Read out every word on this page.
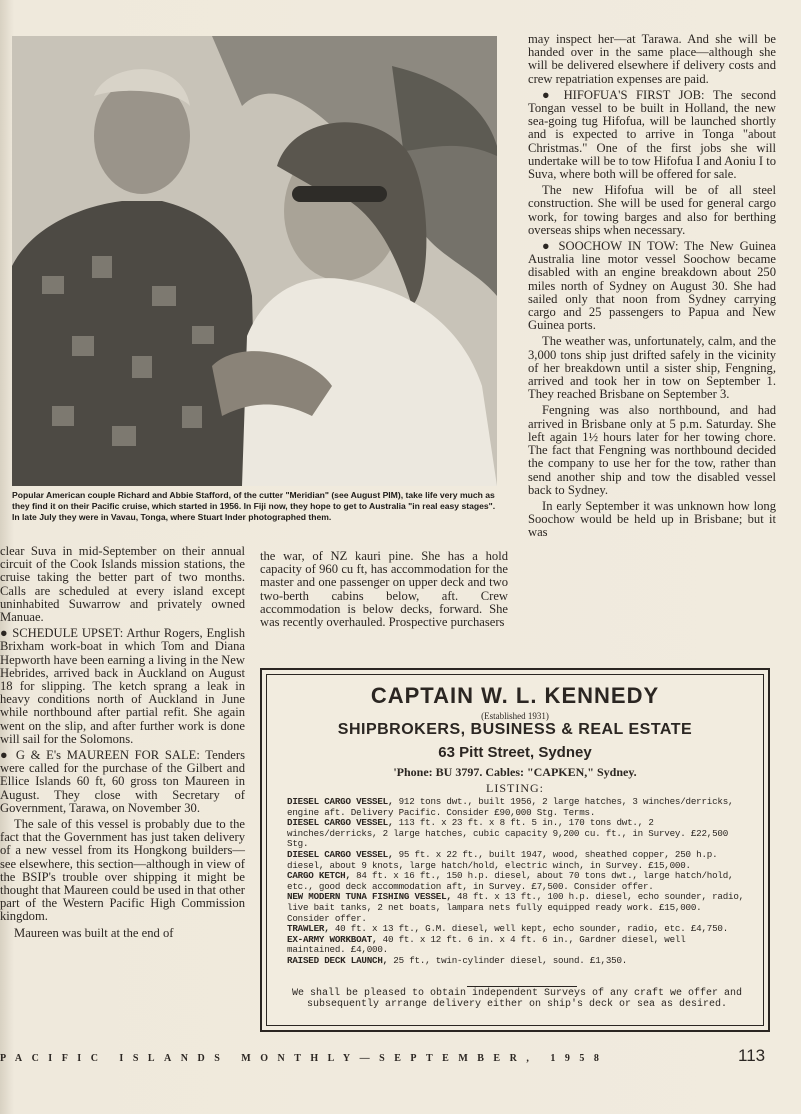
Popular American couple Richard and Abbie Stafford, of the cutter "Meridian" (see August PIM), take life very much as they find it on their Pacific cruise, which started in 1956. In Fiji now, they hope to get to Australia "in real easy stages". In late July they were in Vavau, Tonga, where Stuart Inder photographed them.

clear Suva in mid-September on their annual circuit of the Cook Islands mission stations, the cruise taking the better part of two months. Calls are scheduled at every island except uninhabited Suwarrow and privately owned Manuae.

● SCHEDULE UPSET: Arthur Rogers, English Brixham work-boat in which Tom and Diana Hepworth have been earning a living in the New Hebrides, arrived back in Auckland on August 18 for slipping. The ketch sprang a leak in heavy conditions north of Auckland in June while northbound after partial refit. She again went on the slip, and after further work is done will sail for the Solomons.

● G & E's MAUREEN FOR SALE: Tenders were called for the purchase of the Gilbert and Ellice Islands 60 ft, 60 gross ton Maureen in August. They close with Secretary of Government, Tarawa, on November 30.

The sale of this vessel is probably due to the fact that the Government has just taken delivery of a new vessel from its Hongkong builders—see elsewhere, this section—although in view of the BSIP's trouble over shipping it might be thought that Maureen could be used in that other part of the Western Pacific High Commission kingdom.

Maureen was built at the end of

the war, of NZ kauri pine. She has a hold capacity of 960 cu ft, has accommodation for the master and one passenger on upper deck and two two-berth cabins below, aft. Crew accommodation is below decks, forward. She was recently overhauled. Prospective purchasers

may inspect her—at Tarawa. And she will be handed over in the same place—although she will be delivered elsewhere if delivery costs and crew repatriation expenses are paid.

● HIFOFUA'S FIRST JOB: The second Tongan vessel to be built in Holland, the new sea-going tug Hifofua, will be launched shortly and is expected to arrive in Tonga "about Christmas." One of the first jobs she will undertake will be to tow Hifofua I and Aoniu I to Suva, where both will be offered for sale.

The new Hifofua will be of all steel construction. She will be used for general cargo work, for towing barges and also for berthing overseas ships when necessary.

● SOOCHOW IN TOW: The New Guinea Australia line motor vessel Soochow became disabled with an engine breakdown about 250 miles north of Sydney on August 30. She had sailed only that noon from Sydney carrying cargo and 25 passengers to Papua and New Guinea ports.

The weather was, unfortunately, calm, and the 3,000 tons ship just drifted safely in the vicinity of her breakdown until a sister ship, Fengning, arrived and took her in tow on September 1. They reached Brisbane on September 3.

Fengning was also northbound, and had arrived in Brisbane only at 5 p.m. Saturday. She left again 1½ hours later for her towing chore. The fact that Fengning was northbound decided the company to use her for the tow, rather than send another ship and tow the disabled vessel back to Sydney.

In early September it was unknown how long Soochow would be held up in Brisbane; but it was

CAPTAIN W. L. KENNEDY
(Established 1931)
SHIPBROKERS, BUSINESS & REAL ESTATE
63 Pitt Street, Sydney
'Phone: BU 3797. Cables: "CAPKEN," Sydney.
LISTING:
DIESEL CARGO VESSEL, 912 tons dwt., built 1956, 2 large hatches, 3 winches/derricks, engine aft. Delivery Pacific. Consider £90,000 Stg. Terms.
DIESEL CARGO VESSEL, 113 ft. x 23 ft. x 8 ft. 5 in., 170 tons dwt., 2 winches/derricks, 2 large hatches, cubic capacity 9,200 cu. ft., in Survey. £22,500 Stg.
DIESEL CARGO VESSEL, 95 ft. x 22 ft., built 1947, wood, sheathed copper, 250 h.p. diesel, about 9 knots, large hatch/hold, electric winch, in Survey. £15,000.
CARGO KETCH, 84 ft. x 16 ft., 150 h.p. diesel, about 70 tons dwt., large hatch/hold, etc., good deck accommodation aft, in Survey. £7,500. Consider offer.
NEW MODERN TUNA FISHING VESSEL, 48 ft. x 13 ft., 100 h.p. diesel, echo sounder, radio, live bait tanks, 2 net boats, lampara nets fully equipped ready work. £15,000. Consider offer.
TRAWLER, 40 ft. x 13 ft., G.M. diesel, well kept, echo sounder, radio, etc. £4,750.
EX-ARMY WORKBOAT, 40 ft. x 12 ft. 6 in. x 4 ft. 6 in., Gardner diesel, well maintained. £4,000.
RAISED DECK LAUNCH, 25 ft., twin-cylinder diesel, sound. £1,350.
We shall be pleased to obtain independent Surveys of any craft we offer and subsequently arrange delivery either on ship's deck or sea as desired.
PACIFIC ISLANDS MONTHLY—SEPTEMBER, 1958	113
